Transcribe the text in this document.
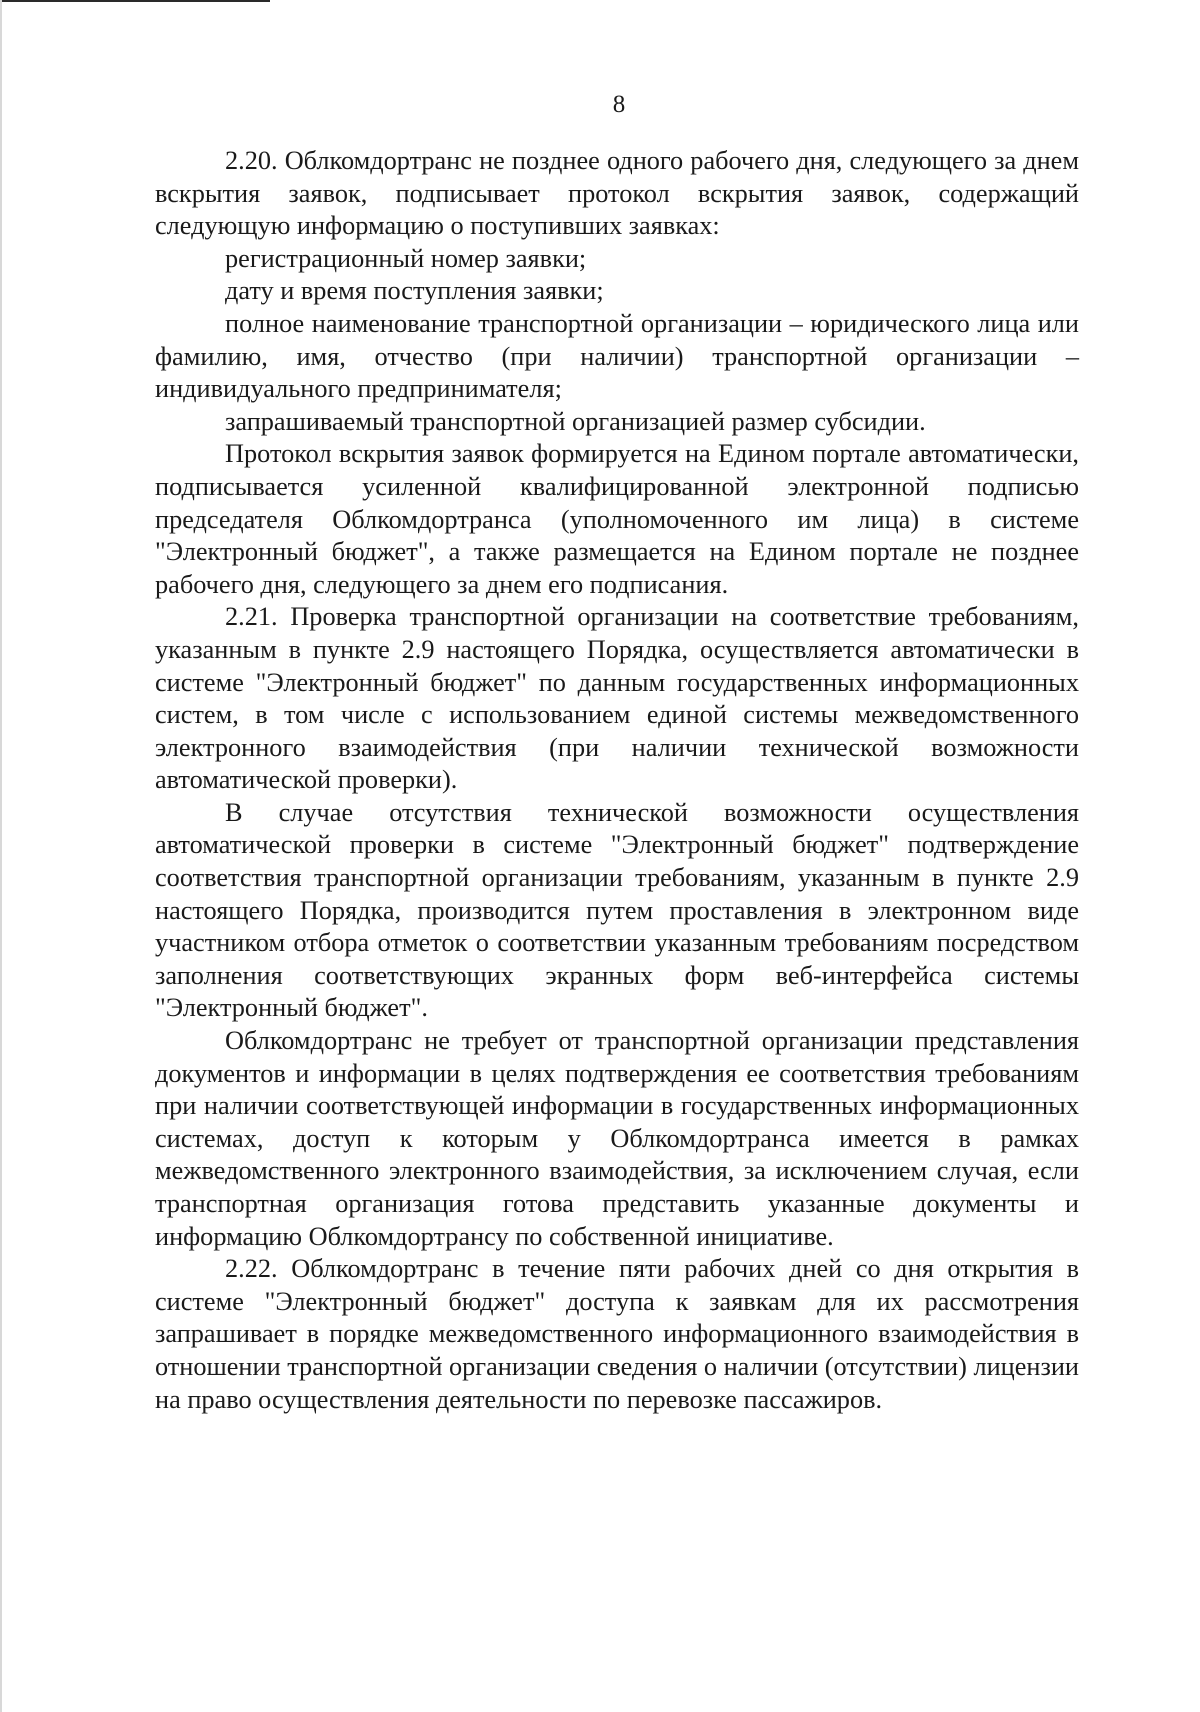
8

2.20. Облкомдортранс не позднее одного рабочего дня, следующего за днем вскрытия заявок, подписывает протокол вскрытия заявок, содержащий следующую информацию о поступивших заявках:

регистрационный номер заявки;

дату и время поступления заявки;

полное наименование транспортной организации – юридического лица или фамилию, имя, отчество (при наличии) транспортной организации – индивидуального предпринимателя;

запрашиваемый транспортной организацией размер субсидии.

Протокол вскрытия заявок формируется на Едином портале автоматически, подписывается усиленной квалифицированной электронной подписью председателя Облкомдортранса (уполномоченного им лица) в системе "Электронный бюджет", а также размещается на Едином портале не позднее рабочего дня, следующего за днем его подписания.

2.21. Проверка транспортной организации на соответствие требованиям, указанным в пункте 2.9 настоящего Порядка, осуществляется автоматически в системе "Электронный бюджет" по данным государственных информационных систем, в том числе с использованием единой системы межведомственного электронного взаимодействия (при наличии технической возможности автоматической проверки).

В случае отсутствия технической возможности осуществления автоматической проверки в системе "Электронный бюджет" подтверждение соответствия транспортной организации требованиям, указанным в пункте 2.9 настоящего Порядка, производится путем проставления в электронном виде участником отбора отметок о соответствии указанным требованиям посредством заполнения соответствующих экранных форм веб-интерфейса системы "Электронный бюджет".

Облкомдортранс не требует от транспортной организации представления документов и информации в целях подтверждения ее соответствия требованиям при наличии соответствующей информации в государственных информационных системах, доступ к которым у Облкомдортранса имеется в рамках межведомственного электронного взаимодействия, за исключением случая, если транспортная организация готова представить указанные документы и информацию Облкомдортрансу по собственной инициативе.

2.22. Облкомдортранс в течение пяти рабочих дней со дня открытия в системе "Электронный бюджет" доступа к заявкам для их рассмотрения запрашивает в порядке межведомственного информационного взаимодействия в отношении транспортной организации сведения о наличии (отсутствии) лицензии на право осуществления деятельности по перевозке пассажиров.
